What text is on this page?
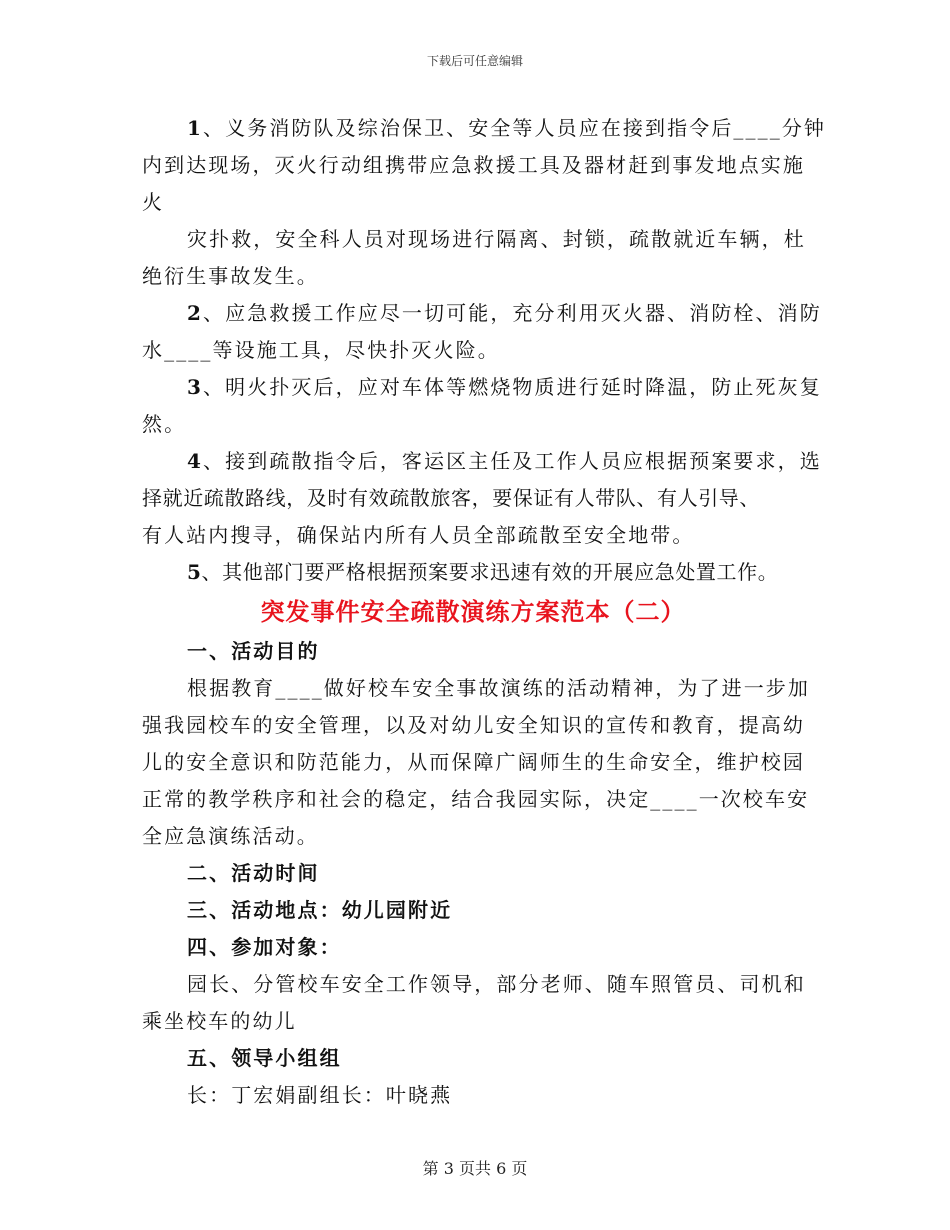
下载后可任意编辑
1、义务消防队及综治保卫、安全等人员应在接到指令后____分钟
内到达现场，灭火行动组携带应急救援工具及器材赶到事发地点实施
火
灾扑救，安全科人员对现场进行隔离、封锁，疏散就近车辆，杜
绝衍生事故发生。
2、应急救援工作应尽一切可能，充分利用灭火器、消防栓、消防
水____等设施工具，尽快扑灭火险。
3、明火扑灭后，应对车体等燃烧物质进行延时降温，防止死灰复
然。
4、接到疏散指令后，客运区主任及工作人员应根据预案要求，选
择就近疏散路线，及时有效疏散旅客，要保证有人带队、有人引导、
有人站内搜寻，确保站内所有人员全部疏散至安全地带。
5、其他部门要严格根据预案要求迅速有效的开展应急处置工作。
突发事件安全疏散演练方案范本（二）
一、活动目的
根据教育____做好校车安全事故演练的活动精神，为了进一步加
强我园校车的安全管理，以及对幼儿安全知识的宣传和教育，提高幼
儿的安全意识和防范能力，从而保障广阔师生的生命安全，维护校园
正常的教学秩序和社会的稳定，结合我园实际，决定____一次校车安
全应急演练活动。
二、活动时间
三、活动地点：幼儿园附近
四、参加对象：
园长、分管校车安全工作领导，部分老师、随车照管员、司机和
乘坐校车的幼儿
五、领导小组组
长：丁宏娟副组长：叶晓燕
第 3 页共 6 页
